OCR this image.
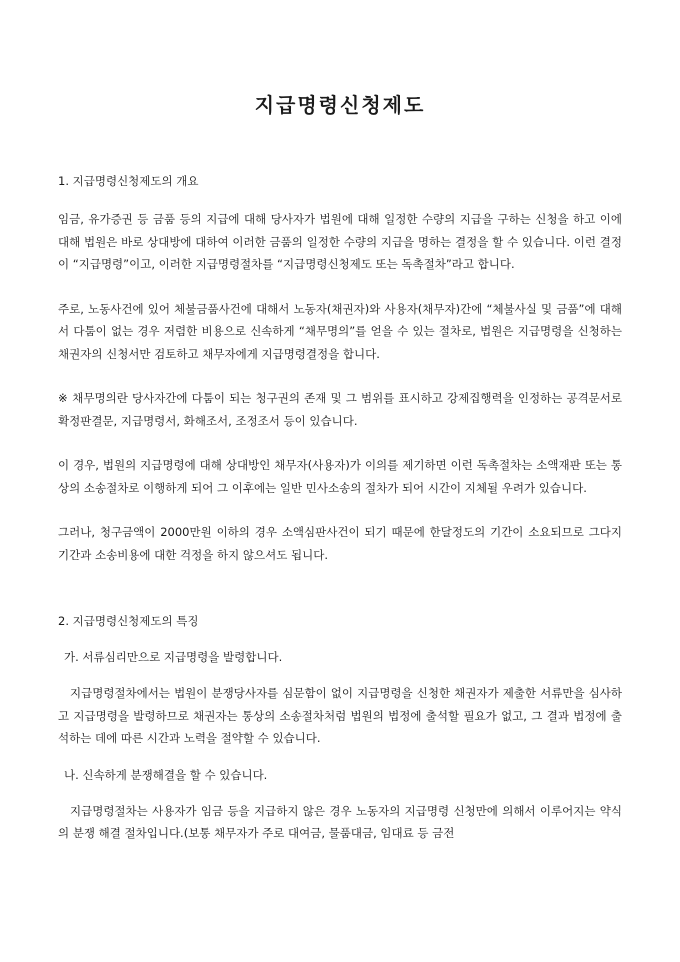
지급명령신청제도

1. 지급명령신청제도의 개요

임금, 유가증권 등 금품 등의 지급에 대해 당사자가 법원에 대해 일정한 수량의 지급을 구하는 신청을 하고 이에 대해 법원은 바로 상대방에 대하여 이러한 금품의 일정한 수량의 지급을 명하는 결정을 할 수 있습니다. 이런 결정이 “지급명령”이고, 이러한 지급명령절차를 “지급명령신청제도 또는 독촉절차”라고 합니다.

주로, 노동사건에 있어 체불금품사건에 대해서 노동자(채권자)와 사용자(채무자)간에 “체불사실 및 금품”에 대해서 다툼이 없는 경우 저렴한 비용으로 신속하게 “채무명의”를 얻을 수 있는 절차로, 법원은 지급명령을 신청하는 채권자의 신청서만 검토하고 채무자에게 지급명령결정을 합니다.

※ 채무명의란 당사자간에 다툼이 되는 청구권의 존재 및 그 범위를 표시하고 강제집행력을 인정하는 공격문서로 확정판결문, 지급명령서, 화해조서, 조정조서 등이 있습니다.

이 경우, 법원의 지급명령에 대해 상대방인 채무자(사용자)가 이의를 제기하면 이런 독촉절차는 소액재판 또는 통상의 소송절차로 이행하게 되어 그 이후에는 일반 민사소송의 절차가 되어 시간이 지체될 우려가 있습니다.

그러나, 청구금액이 2000만원 이하의 경우 소액심판사건이 되기 때문에 한달정도의 기간이 소요되므로 그다지 기간과 소송비용에 대한 걱정을 하지 않으셔도 됩니다.

2. 지급명령신청제도의 특징

가. 서류심리만으로 지급명령을 발령합니다.

지급명령절차에서는 법원이 분쟁당사자를 심문함이 없이 지급명령을 신청한 채권자가 제출한 서류만을 심사하고 지급명령을 발령하므로 채권자는 통상의 소송절차처럼 법원의 법정에 출석할 필요가 없고, 그 결과 법정에 출석하는 데에 따른 시간과 노력을 절약할 수 있습니다.

나. 신속하게 분쟁해결을 할 수 있습니다.

지급명령절차는 사용자가 임금 등을 지급하지 않은 경우 노동자의 지급명령 신청만에 의해서 이루어지는 약식의 분쟁 해결 절차입니다.(보통 채무자가 주로 대여금, 물품대금, 임대료 등 금전
